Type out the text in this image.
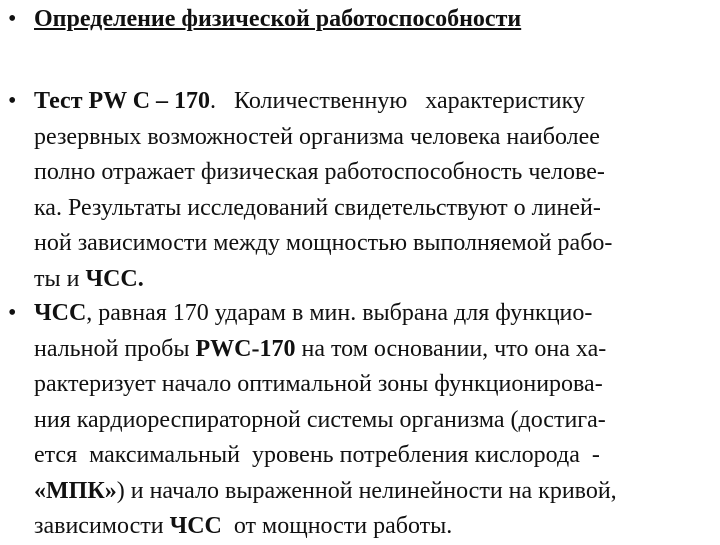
• Определение физической работоспособности
• Тест PW C – 170. Количественную   характеристику
резервных возможностей организма человека наиболее
полно отражает физическая работоспособность челове-
ка. Результаты исследований свидетельствуют о линей-
ной зависимости между мощностью выполняемой рабо-
ты и ЧСС.
• ЧСС, равная 170 ударам в мин. выбрана для функцио-
нальной пробы PWC-170 на том основании, что она ха-
рактеризует начало оптимальной зоны функционирова-
ния кардиореспираторной системы организма (достига-
ется  максимальный  уровень потребления кислорода  -
«МПК») и начало выраженной нелинейности на кривой,
зависимости ЧСС  от мощности работы.
